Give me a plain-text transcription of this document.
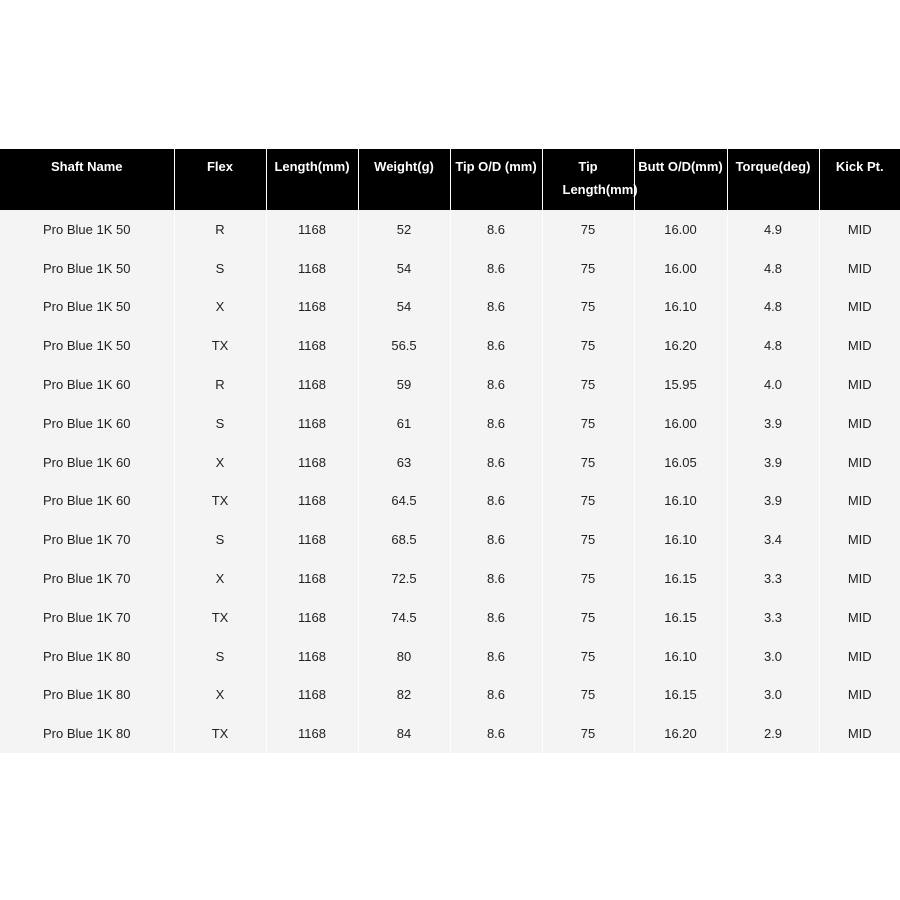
Shaft Name	Flex	Length(mm)	Weight(g)	Tip O/D (mm)	Tip Length(mm)	Butt O/D(mm)	Torque(deg)	Kick Pt.
Pro Blue 1K 50	R	1168	52	8.6	75	16.00	4.9	MID
Pro Blue 1K 50	S	1168	54	8.6	75	16.00	4.8	MID
Pro Blue 1K 50	X	1168	54	8.6	75	16.10	4.8	MID
Pro Blue 1K 50	TX	1168	56.5	8.6	75	16.20	4.8	MID
Pro Blue 1K 60	R	1168	59	8.6	75	15.95	4.0	MID
Pro Blue 1K 60	S	1168	61	8.6	75	16.00	3.9	MID
Pro Blue 1K 60	X	1168	63	8.6	75	16.05	3.9	MID
Pro Blue 1K 60	TX	1168	64.5	8.6	75	16.10	3.9	MID
Pro Blue 1K 70	S	1168	68.5	8.6	75	16.10	3.4	MID
Pro Blue 1K 70	X	1168	72.5	8.6	75	16.15	3.3	MID
Pro Blue 1K 70	TX	1168	74.5	8.6	75	16.15	3.3	MID
Pro Blue 1K 80	S	1168	80	8.6	75	16.10	3.0	MID
Pro Blue 1K 80	X	1168	82	8.6	75	16.15	3.0	MID
Pro Blue 1K 80	TX	1168	84	8.6	75	16.20	2.9	MID
